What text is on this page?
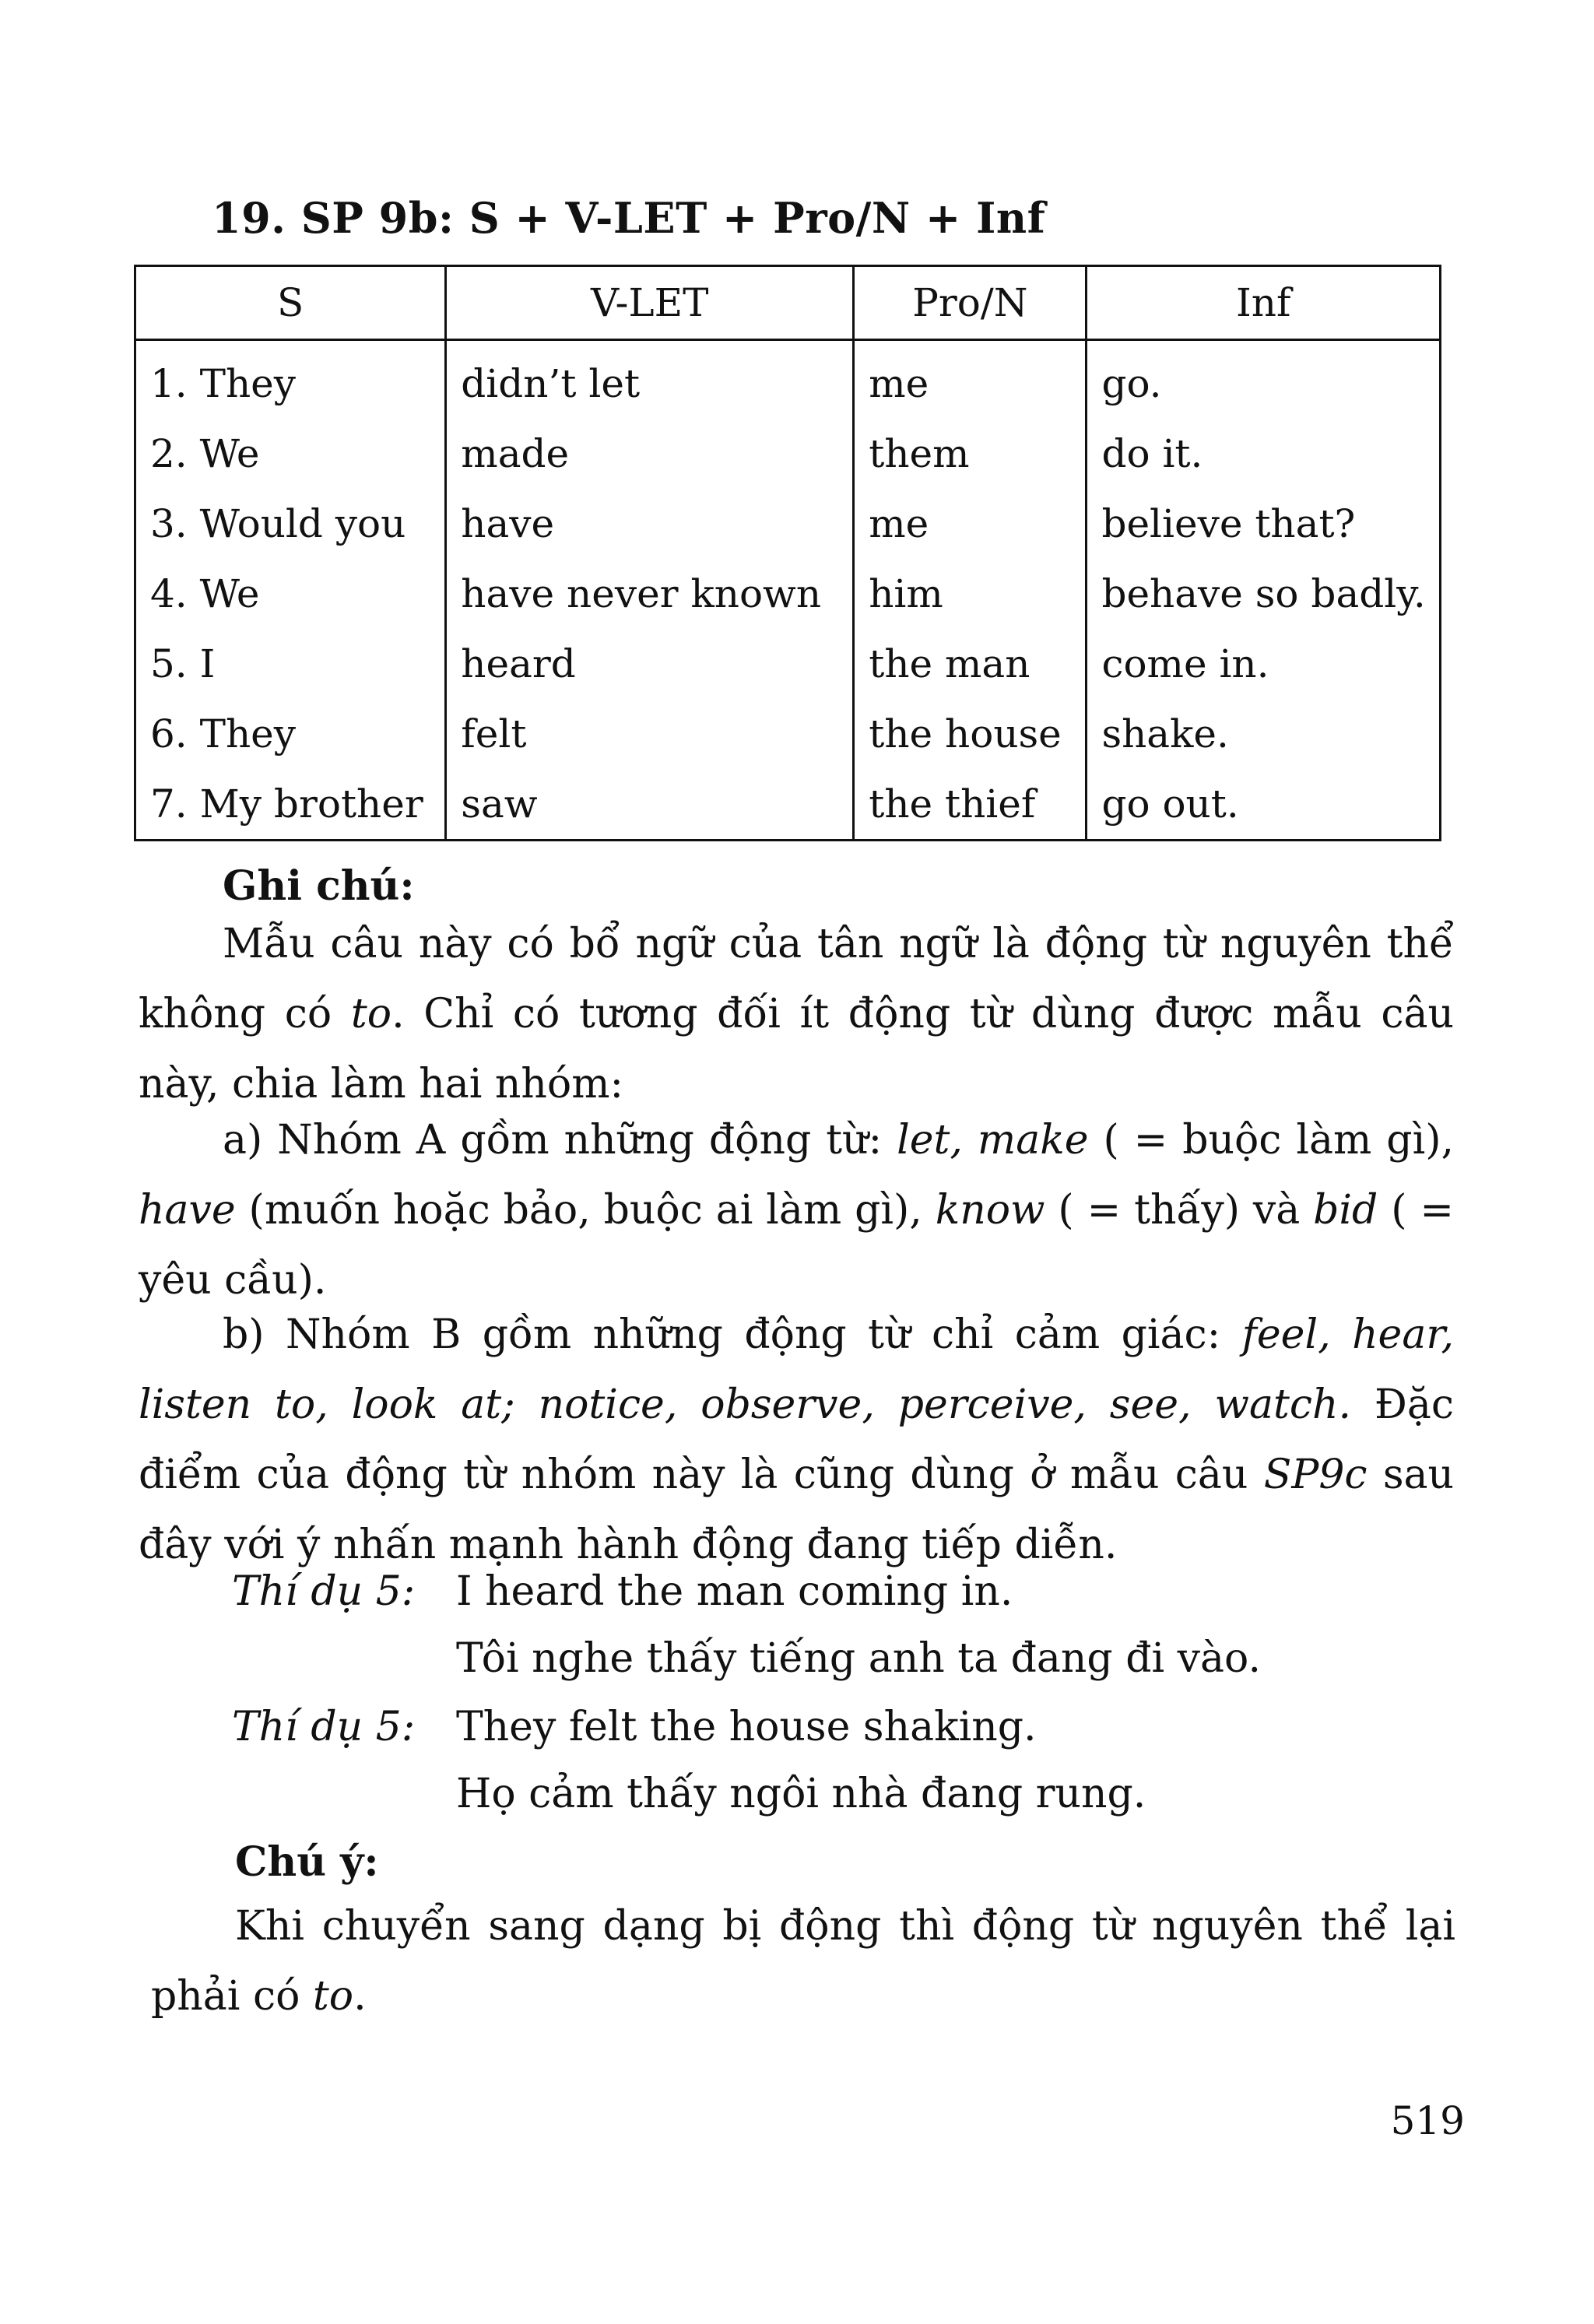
19. SP 9b: S + V-LET + Pro/N + Inf
S	V-LET	Pro/N	Inf
1. They	didn’t let	me	go.
2. We	made	them	do it.
3. Would you	have	me	believe that?
4. We	have never known	him	behave so badly.
5. I	heard	the man	come in.
6. They	felt	the house	shake.
7. My brother	saw	the thief	go out.
Ghi chú:
Mẫu câu này có bổ ngữ của tân ngữ là động từ nguyên thể không có to. Chỉ có tương đối ít động từ dùng được mẫu câu này, chia làm hai nhóm:
a) Nhóm A gồm những động từ: let, make ( = buộc làm gì), have (muốn hoặc bảo, buộc ai làm gì), know ( = thấy) và bid ( = yêu cầu).
b) Nhóm B gồm những động từ chỉ cảm giác: feel, hear, listen to, look at; notice, observe, perceive, see, watch. Đặc điểm của động từ nhóm này là cũng dùng ở mẫu câu SP9c sau đây với ý nhấn mạnh hành động đang tiếp diễn.
Thí dụ 5: I heard the man coming in.
Tôi nghe thấy tiếng anh ta đang đi vào.
Thí dụ 5: They felt the house shaking.
Họ cảm thấy ngôi nhà đang rung.
Chú ý:
Khi chuyển sang dạng bị động thì động từ nguyên thể lại phải có to.
519
